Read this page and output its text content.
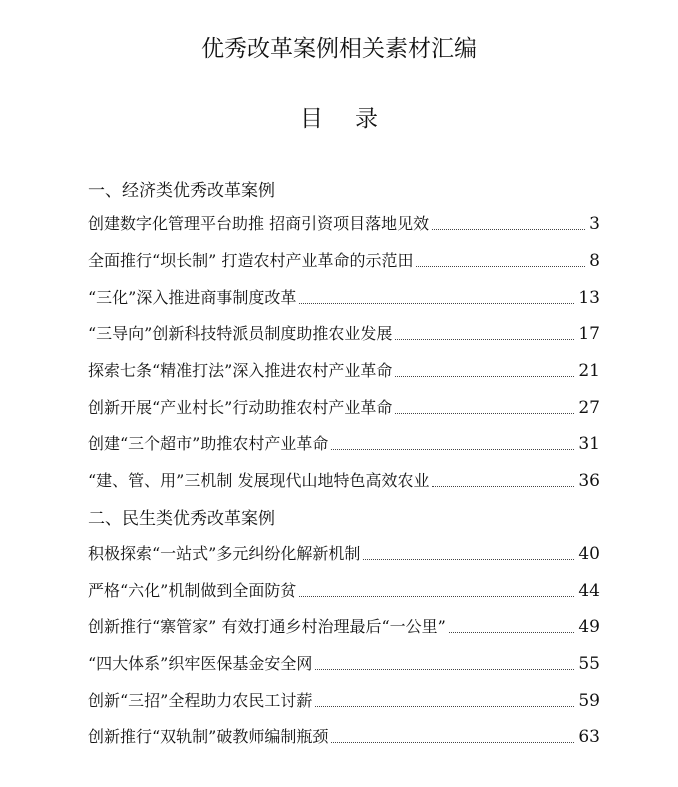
优秀改革案例相关素材汇编
目录
一、经济类优秀改革案例
创建数字化管理平台助推 招商引资项目落地见效	3
全面推行“坝长制” 打造农村产业革命的示范田	8
“三化”深入推进商事制度改革	13
“三导向”创新科技特派员制度助推农业发展	17
探索七条“精准打法”深入推进农村产业革命	21
创新开展“产业村长”行动助推农村产业革命	27
创建“三个超市”助推农村产业革命	31
“建、管、用”三机制 发展现代山地特色高效农业	36
二、民生类优秀改革案例
积极探索“一站式”多元纠纷化解新机制	40
严格“六化”机制做到全面防贫	44
创新推行“寨管家” 有效打通乡村治理最后“一公里”	49
“四大体系”织牢医保基金安全网	55
创新“三招”全程助力农民工讨薪	59
创新推行“双轨制”破教师编制瓶颈	63
